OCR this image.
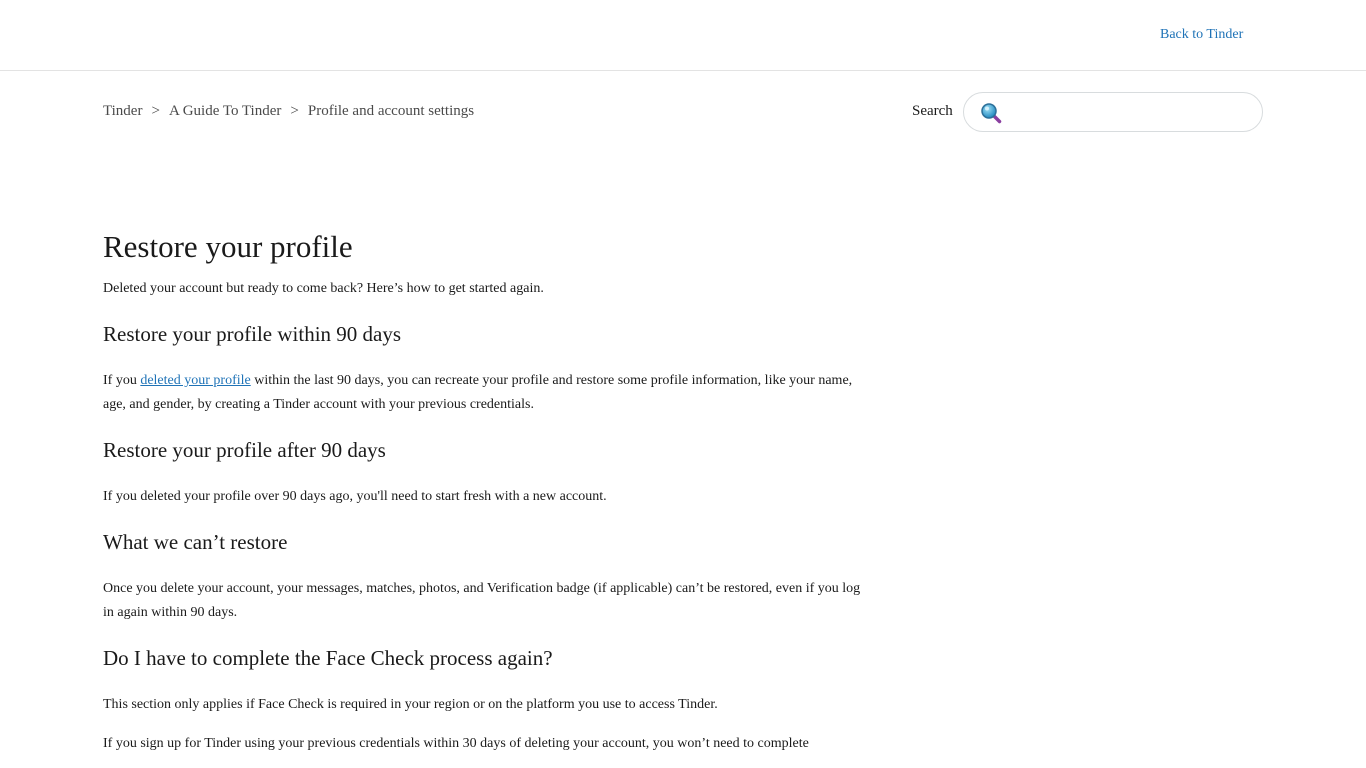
Back to Tinder
Tinder > A Guide To Tinder > Profile and account settings	Search
Restore your profile

Deleted your account but ready to come back? Here’s how to get started again.

Restore your profile within 90 days

If you deleted your profile within the last 90 days, you can recreate your profile and restore some profile information, like your name, age, and gender, by creating a Tinder account with your previous credentials.

Restore your profile after 90 days

If you deleted your profile over 90 days ago, you'll need to start fresh with a new account.

What we can’t restore

Once you delete your account, your messages, matches, photos, and Verification badge (if applicable) can’t be restored, even if you log in again within 90 days.

Do I have to complete the Face Check process again?

This section only applies if Face Check is required in your region or on the platform you use to access Tinder.

If you sign up for Tinder using your previous credentials within 30 days of deleting your account, you won’t need to complete
